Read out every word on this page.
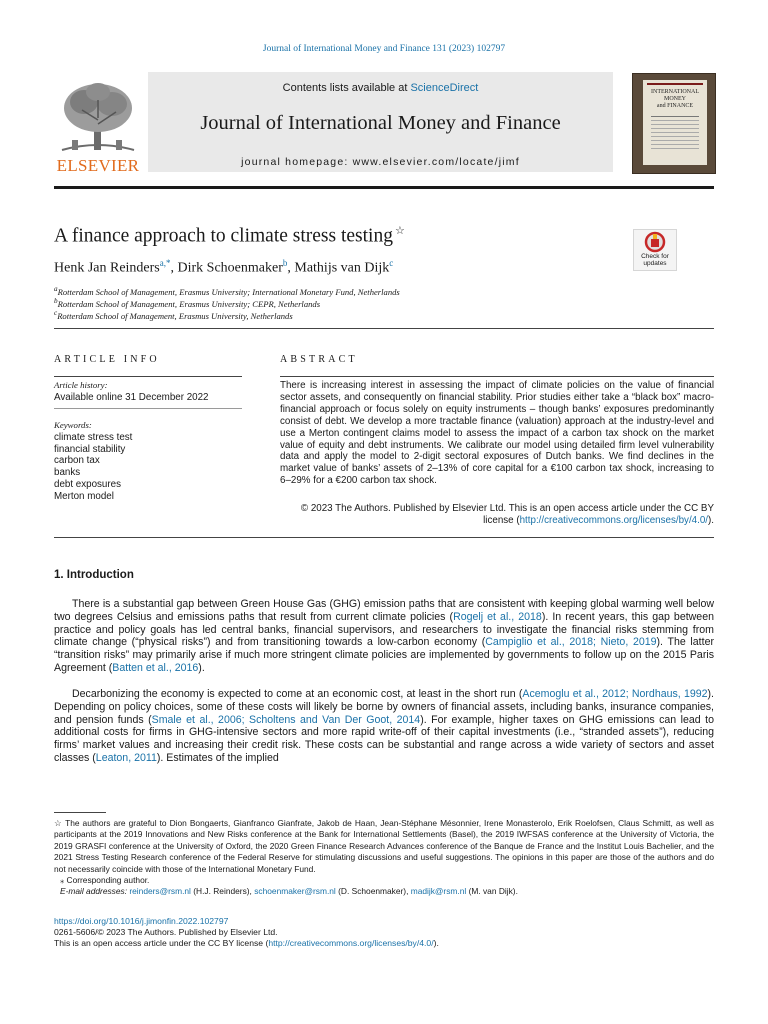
Journal of International Money and Finance 131 (2023) 102797
ELSEVIER
Contents lists available at ScienceDirect
Journal of International Money and Finance
journal homepage: www.elsevier.com/locate/jimf
INTERNATIONAL
MONEY
and FINANCE
A finance approach to climate stress testing ☆
Check for
updates
Henk Jan Reinders$^{a,*}$, Dirk Schoenmaker$^b$, Mathijs van Dijk$^c$
$^a$Rotterdam School of Management, Erasmus University; International Monetary Fund, Netherlands
$^b$Rotterdam School of Management, Erasmus University; CEPR, Netherlands
$^c$Rotterdam School of Management, Erasmus University, Netherlands
ARTICLE INFO	ABSTRACT
Article history:
Available online 31 December 2022
Keywords:
climate stress test
financial stability
carbon tax
banks
debt exposures
Merton model
There is increasing interest in assessing the impact of climate policies on the value of financial sector assets, and consequently on financial stability. Prior studies either take a “black box” macro-financial approach or focus solely on equity instruments – though banks’ exposures predominantly consist of debt. We develop a more tractable finance (valuation) approach at the industry-level and use a Merton contingent claims model to assess the impact of a carbon tax shock on the market value of equity and debt instruments. We calibrate our model using detailed firm level vulnerability data and apply the model to 2-digit sectoral exposures of Dutch banks. We find declines in the market value of banks’ assets of 2–13% of core capital for a €100 carbon tax shock, increasing to 6–29% for a €200 carbon tax shock.
© 2023 The Authors. Published by Elsevier Ltd. This is an open access article under the CC BY
license (http://creativecommons.org/licenses/by/4.0/).
1. Introduction

There is a substantial gap between Green House Gas (GHG) emission paths that are consistent with keeping global warming well below two degrees Celsius and emissions paths that result from current climate policies (Rogelj et al., 2018). In recent years, this gap between practice and policy goals has led central banks, financial supervisors, and researchers to investigate the financial risks stemming from climate change (“physical risks”) and from transitioning towards a low-carbon economy (Campiglio et al., 2018; Nieto, 2019). The latter “transition risks” may primarily arise if much more stringent climate policies are implemented by governments to follow up on the 2015 Paris Agreement (Batten et al., 2016).

Decarbonizing the economy is expected to come at an economic cost, at least in the short run (Acemoglu et al., 2012; Nordhaus, 1992). Depending on policy choices, some of these costs will likely be borne by owners of financial assets, including banks, insurance companies, and pension funds (Smale et al., 2006; Scholtens and Van Der Goot, 2014). For example, higher taxes on GHG emissions can lead to additional costs for firms in GHG-intensive sectors and more rapid write-off of their capital investments (i.e., “stranded assets”), reducing firms’ market values and increasing their credit risk. These costs can be substantial and range across a wide variety of sectors and asset classes (Leaton, 2011). Estimates of the implied

☆ The authors are grateful to Dion Bongaerts, Gianfranco Gianfrate, Jakob de Haan, Jean-Stéphane Mésonnier, Irene Monasterolo, Erik Roelofsen, Claus Schmitt, as well as participants at the 2019 Innovations and New Risks conference at the Bank for International Settlements (Basel), the 2019 IWFSAS conference at the University of Victoria, the 2019 GRASFI conference at the University of Oxford, the 2020 Green Finance Research Advances conference of the Banque de France and the Institut Louis Bachelier, and the 2021 Stress Testing Research conference of the Federal Reserve for stimulating discussions and useful suggestions. The opinions in this paper are those of the authors and do not necessarily coincide with those of the International Monetary Fund.

⁎ Corresponding author.

E-mail addresses: reinders@rsm.nl (H.J. Reinders), schoenmaker@rsm.nl (D. Schoenmaker), madijk@rsm.nl (M. van Dijk).

https://doi.org/10.1016/j.jimonfin.2022.102797
0261-5606/© 2023 The Authors. Published by Elsevier Ltd.
This is an open access article under the CC BY license (http://creativecommons.org/licenses/by/4.0/).
